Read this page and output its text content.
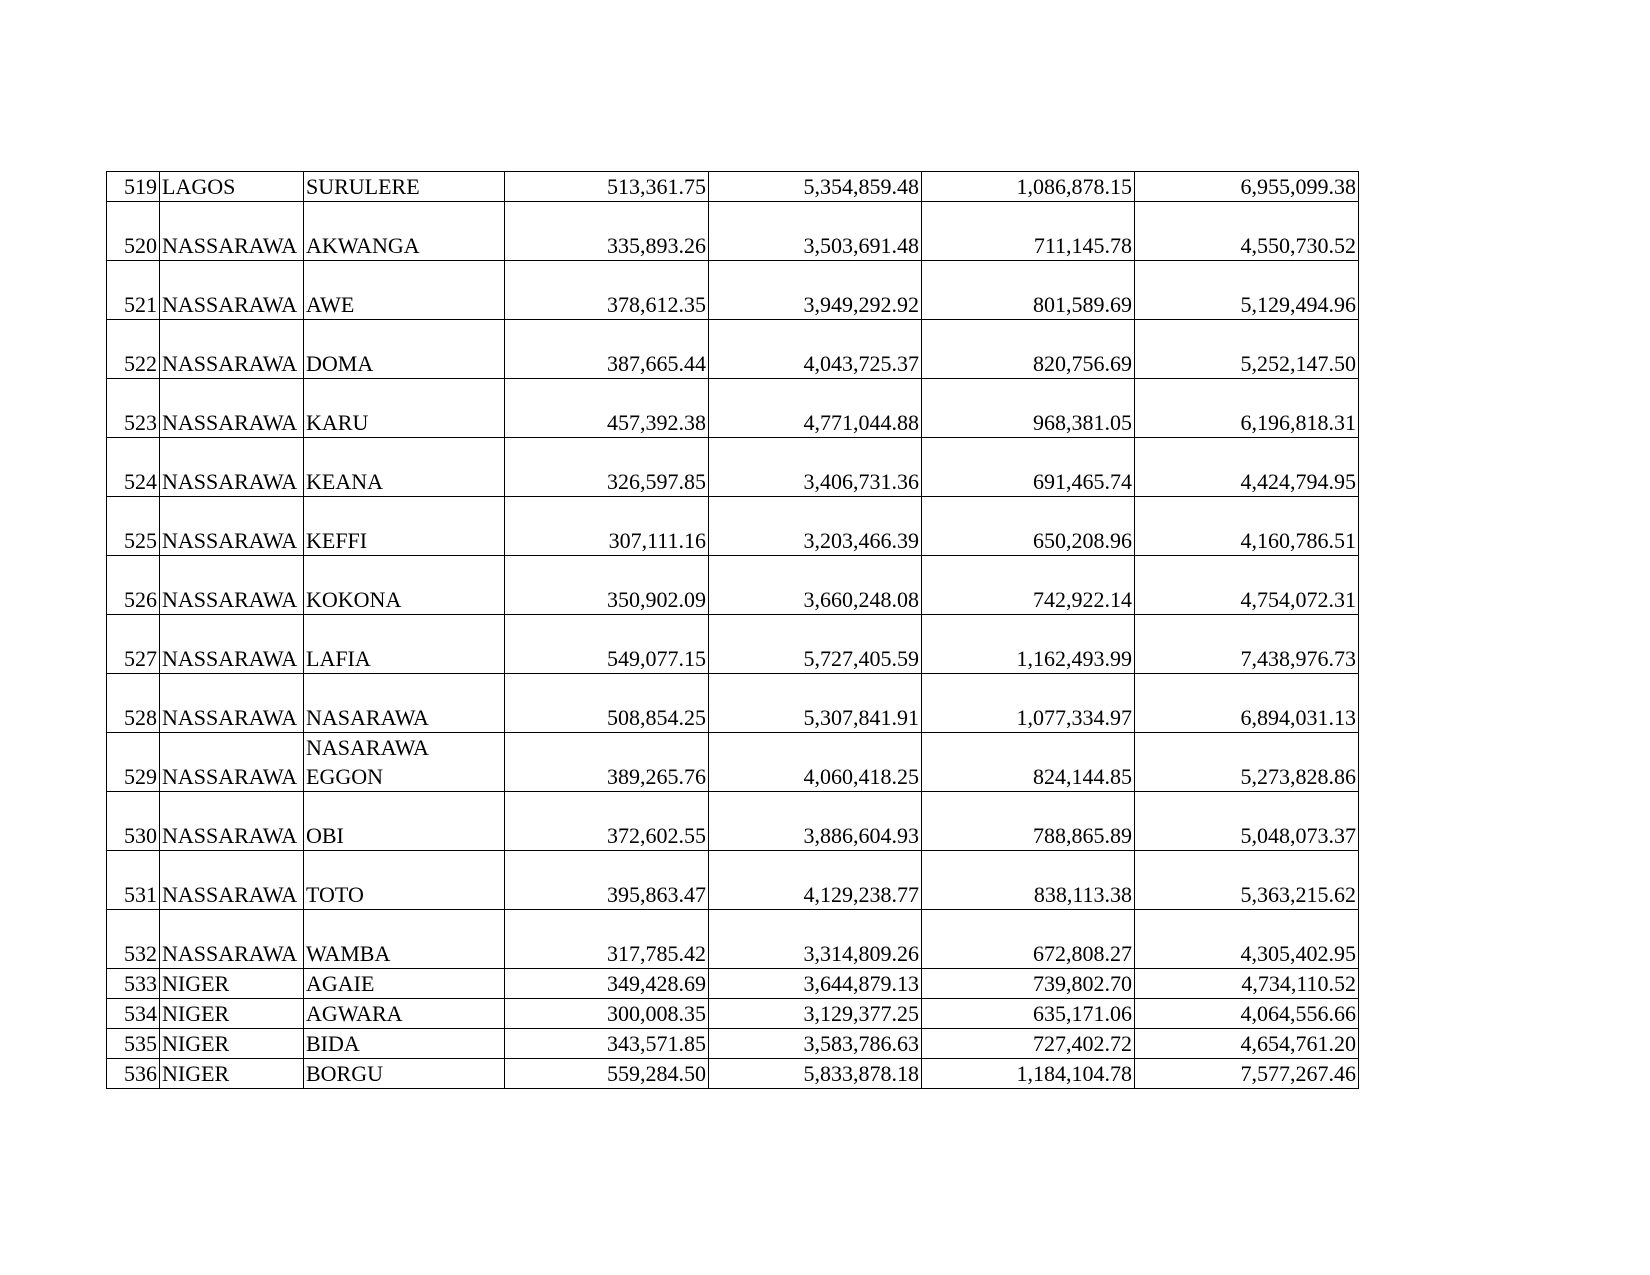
519	LAGOS	SURULERE	513,361.75	5,354,859.48	1,086,878.15	6,955,099.38
520	NASSARAWA	AKWANGA	335,893.26	3,503,691.48	711,145.78	4,550,730.52
521	NASSARAWA	AWE	378,612.35	3,949,292.92	801,589.69	5,129,494.96
522	NASSARAWA	DOMA	387,665.44	4,043,725.37	820,756.69	5,252,147.50
523	NASSARAWA	KARU	457,392.38	4,771,044.88	968,381.05	6,196,818.31
524	NASSARAWA	KEANA	326,597.85	3,406,731.36	691,465.74	4,424,794.95
525	NASSARAWA	KEFFI	307,111.16	3,203,466.39	650,208.96	4,160,786.51
526	NASSARAWA	KOKONA	350,902.09	3,660,248.08	742,922.14	4,754,072.31
527	NASSARAWA	LAFIA	549,077.15	5,727,405.59	1,162,493.99	7,438,976.73
528	NASSARAWA	NASARAWA	508,854.25	5,307,841.91	1,077,334.97	6,894,031.13
529	NASSARAWA	NASARAWA EGGON	389,265.76	4,060,418.25	824,144.85	5,273,828.86
530	NASSARAWA	OBI	372,602.55	3,886,604.93	788,865.89	5,048,073.37
531	NASSARAWA	TOTO	395,863.47	4,129,238.77	838,113.38	5,363,215.62
532	NASSARAWA	WAMBA	317,785.42	3,314,809.26	672,808.27	4,305,402.95
533	NIGER	AGAIE	349,428.69	3,644,879.13	739,802.70	4,734,110.52
534	NIGER	AGWARA	300,008.35	3,129,377.25	635,171.06	4,064,556.66
535	NIGER	BIDA	343,571.85	3,583,786.63	727,402.72	4,654,761.20
536	NIGER	BORGU	559,284.50	5,833,878.18	1,184,104.78	7,577,267.46
